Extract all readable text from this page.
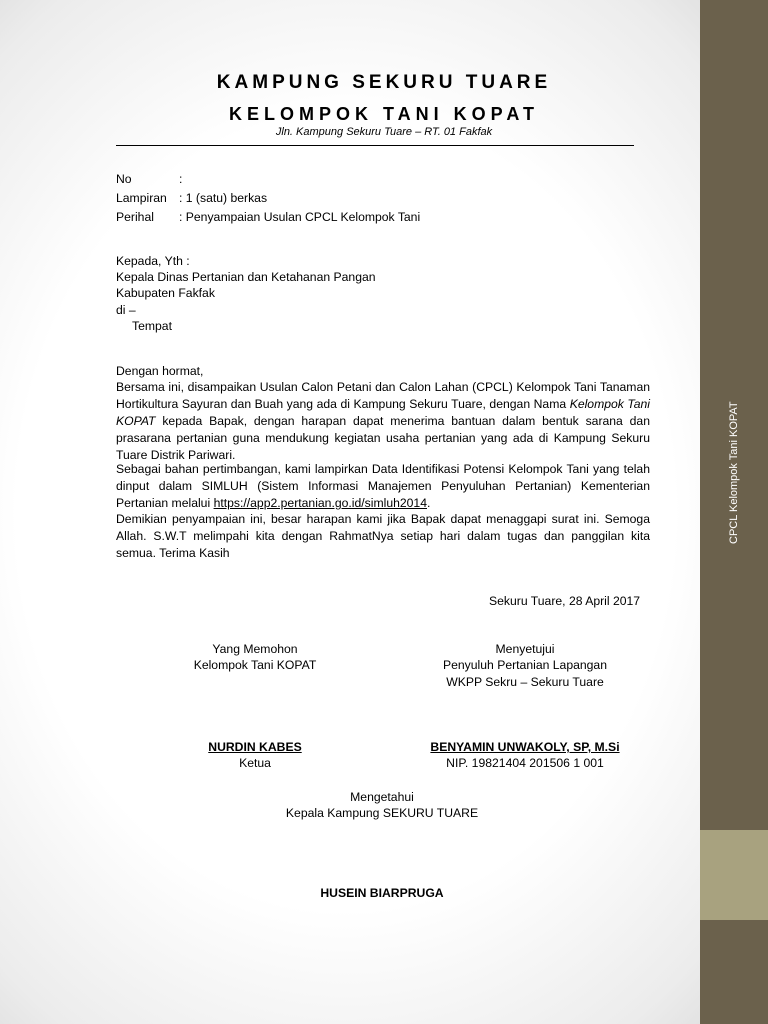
CPCL Kelompok Tani KOPAT
KAMPUNG SEKURU TUARE
KELOMPOK TANI KOPAT
Jln. Kampung Sekuru Tuare – RT. 01 Fakfak
No	:
Lampiran : 1 (satu) berkas
Perihal : Penyampaian Usulan CPCL Kelompok Tani
Kepada, Yth :
Kepala Dinas Pertanian dan Ketahanan Pangan
Kabupaten Fakfak
di –
Tempat
Dengan hormat,
Bersama ini, disampaikan Usulan Calon Petani dan Calon Lahan (CPCL) Kelompok Tani Tanaman Hortikultura Sayuran dan Buah yang ada di Kampung Sekuru Tuare, dengan Nama Kelompok Tani KOPAT kepada Bapak, dengan harapan dapat menerima bantuan dalam bentuk sarana dan prasarana pertanian guna mendukung kegiatan usaha pertanian yang ada di Kampung Sekuru Tuare Distrik Pariwari.
Sebagai bahan pertimbangan, kami lampirkan Data Identifikasi Potensi Kelompok Tani yang telah dinput dalam SIMLUH (Sistem Informasi Manajemen Penyuluhan Pertanian) Kementerian Pertanian melalui https://app2.pertanian.go.id/simluh2014.
Demikian penyampaian ini, besar harapan kami jika Bapak dapat menaggapi surat ini. Semoga Allah. S.W.T melimpahi kita dengan RahmatNya setiap hari dalam tugas dan panggilan kita semua. Terima Kasih
Sekuru Tuare, 28 April 2017
Yang Memohon
Kelompok Tani KOPAT
Menyetujui
Penyuluh Pertanian Lapangan
WKPP Sekru – Sekuru Tuare
NURDIN KABES
Ketua
BENYAMIN UNWAKOLY, SP, M.Si
NIP. 19821404 201506 1 001
Mengetahui
Kepala Kampung SEKURU TUARE
HUSEIN BIARPRUGA
